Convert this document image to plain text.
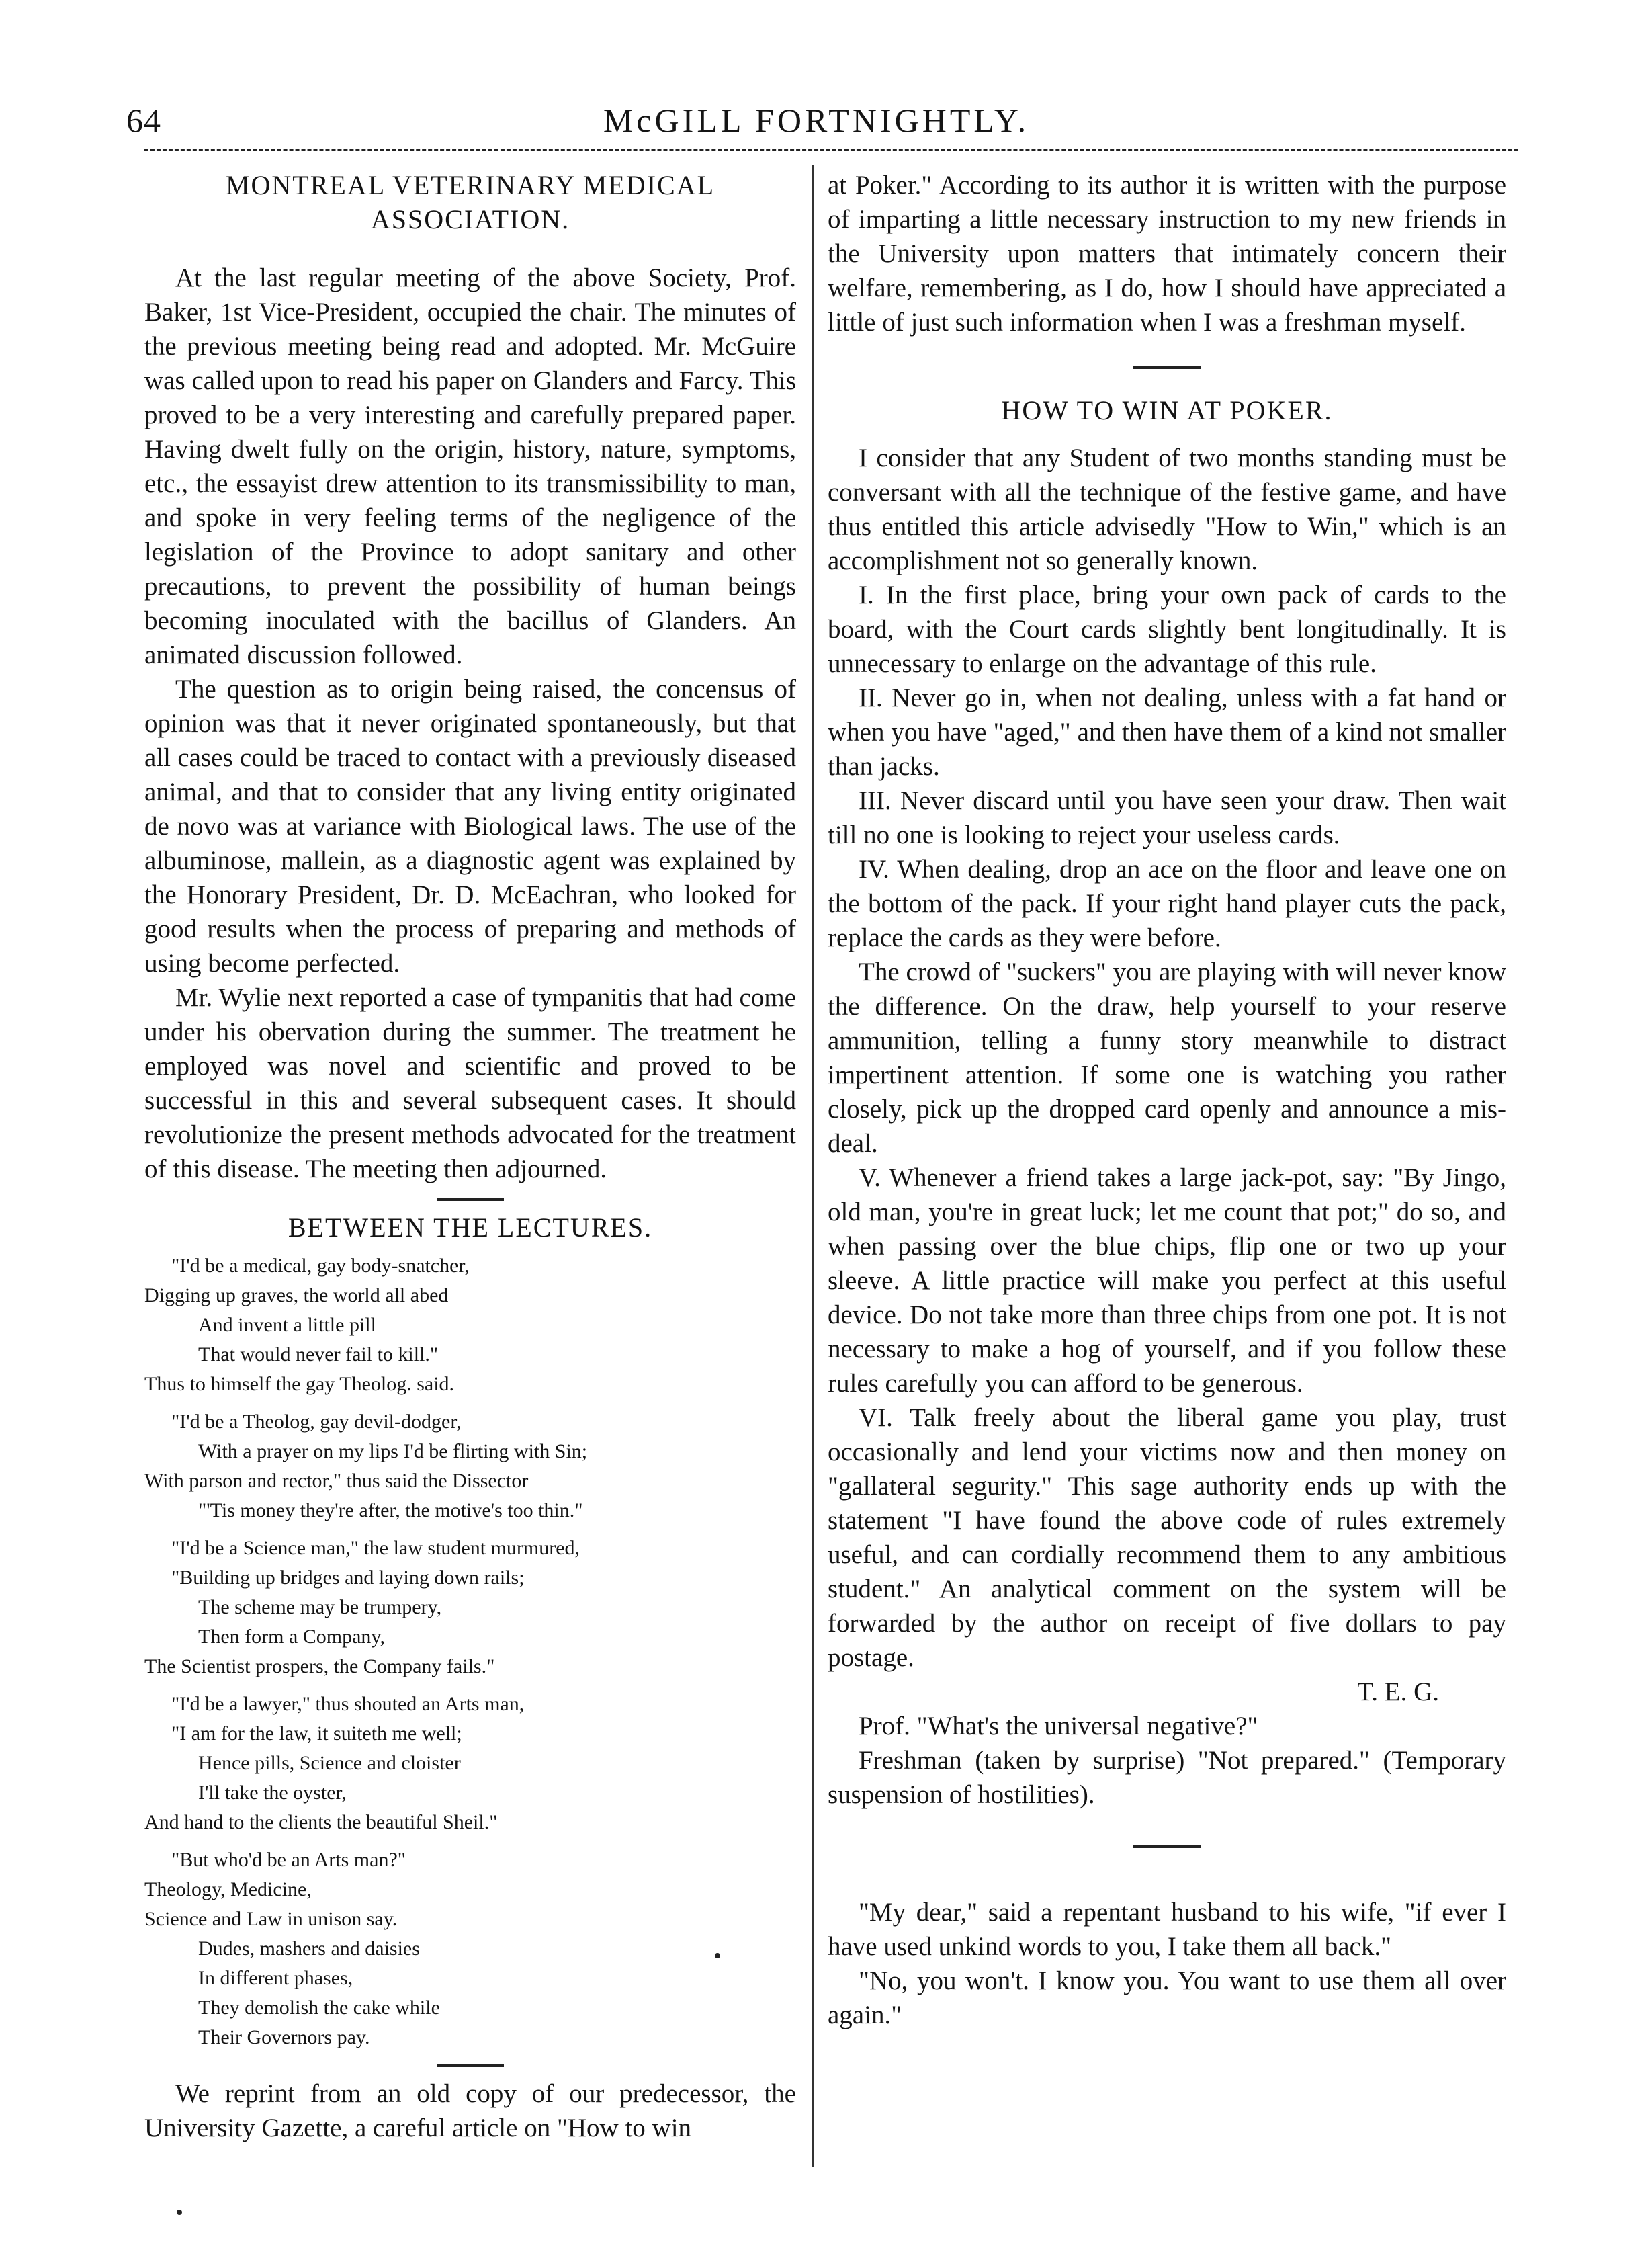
64	McGILL FORTNIGHTLY.

MONTREAL VETERINARY MEDICAL

ASSOCIATION.

At the last regular meeting of the above Society, Prof. Baker, 1st Vice-President, occupied the chair. The minutes of the previous meeting being read and adopted. Mr. McGuire was called upon to read his paper on Glanders and Farcy. This proved to be a very interesting and carefully prepared paper. Having dwelt fully on the origin, history, nature, symptoms, etc., the essayist drew attention to its transmissibility to man, and spoke in very feeling terms of the negligence of the legislation of the Province to adopt sanitary and other precautions, to prevent the possibility of human beings becoming inoculated with the bacillus of Glanders. An animated discussion followed.

The question as to origin being raised, the concensus of opinion was that it never originated spontaneously, but that all cases could be traced to contact with a previously diseased animal, and that to consider that any living entity originated de novo was at variance with Biological laws. The use of the albuminose, mallein, as a diagnostic agent was explained by the Honorary President, Dr. D. McEachran, who looked for good results when the process of preparing and methods of using become perfected.

Mr. Wylie next reported a case of tympanitis that had come under his obervation during the summer. The treatment he employed was novel and scientific and proved to be successful in this and several subsequent cases. It should revolutionize the present methods advocated for the treatment of this disease. The meeting then adjourned.

BETWEEN THE LECTURES.

"I'd be a medical, gay body-snatcher,
Digging up graves, the world all abed
And invent a little pill
That would never fail to kill."
Thus to himself the gay Theolog. said.
"I'd be a Theolog, gay devil-dodger,
With a prayer on my lips I'd be flirting with Sin;
With parson and rector," thus said the Dissector
"'Tis money they're after, the motive's too thin."
"I'd be a Science man," the law student murmured,
"Building up bridges and laying down rails;
The scheme may be trumpery,
Then form a Company,
The Scientist prospers, the Company fails."
"I'd be a lawyer," thus shouted an Arts man,
"I am for the law, it suiteth me well;
Hence pills, Science and cloister
I'll take the oyster,
And hand to the clients the beautiful Sheil."
"But who'd be an Arts man?"
Theology, Medicine,
Science and Law in unison say.
Dudes, mashers and daisies
In different phases,
They demolish the cake while
Their Governors pay.

We reprint from an old copy of our predecessor, the University Gazette, a careful article on "How to win

at Poker." According to its author it is written with the purpose of imparting a little necessary instruction to my new friends in the University upon matters that intimately concern their welfare, remembering, as I do, how I should have appreciated a little of just such information when I was a freshman myself.

HOW TO WIN AT POKER.

I consider that any Student of two months standing must be conversant with all the technique of the festive game, and have thus entitled this article advisedly "How to Win," which is an accomplishment not so generally known.

I. In the first place, bring your own pack of cards to the board, with the Court cards slightly bent longitudinally. It is unnecessary to enlarge on the advantage of this rule.

II. Never go in, when not dealing, unless with a fat hand or when you have "aged," and then have them of a kind not smaller than jacks.

III. Never discard until you have seen your draw. Then wait till no one is looking to reject your useless cards.

IV. When dealing, drop an ace on the floor and leave one on the bottom of the pack. If your right hand player cuts the pack, replace the cards as they were before.

The crowd of "suckers" you are playing with will never know the difference. On the draw, help yourself to your reserve ammunition, telling a funny story meanwhile to distract impertinent attention. If some one is watching you rather closely, pick up the dropped card openly and announce a mis-deal.

V. Whenever a friend takes a large jack-pot, say: "By Jingo, old man, you're in great luck; let me count that pot;" do so, and when passing over the blue chips, flip one or two up your sleeve. A little practice will make you perfect at this useful device. Do not take more than three chips from one pot. It is not necessary to make a hog of yourself, and if you follow these rules carefully you can afford to be generous.

VI. Talk freely about the liberal game you play, trust occasionally and lend your victims now and then money on "gallateral segurity." This sage authority ends up with the statement "I have found the above code of rules extremely useful, and can cordially recommend them to any ambitious student." An analytical comment on the system will be forwarded by the author on receipt of five dollars to pay postage.

T. E. G.

Prof. "What's the universal negative?"

Freshman (taken by surprise) "Not prepared." (Temporary suspension of hostilities).

"My dear," said a repentant husband to his wife, "if ever I have used unkind words to you, I take them all back."

"No, you won't. I know you. You want to use them all over again."
